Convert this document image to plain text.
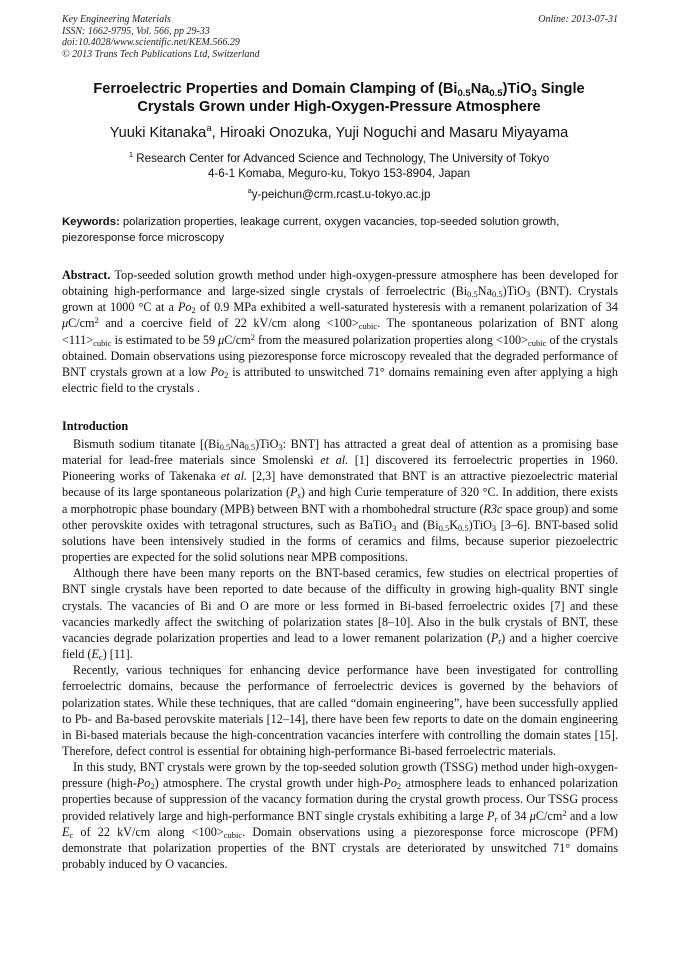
Key Engineering Materials
ISSN: 1662-9795, Vol. 566, pp 29-33
doi:10.4028/www.scientific.net/KEM.566.29
© 2013 Trans Tech Publications Ltd, Switzerland
Online: 2013-07-31
Ferroelectric Properties and Domain Clamping of $(Bi_{0.5}Na_{0.5})TiO_3$ Single
Crystals Grown under High-Oxygen-Pressure Atmosphere
Yuuki Kitanaka$^a$, Hiroaki Onozuka, Yuji Noguchi and Masaru Miyayama
$^1$ Research Center for Advanced Science and Technology, The University of Tokyo
4-6-1 Komaba, Meguro-ku, Tokyo 153-8904, Japan
$^a$y-peichun@crm.rcast.u-tokyo.ac.jp
Keywords: polarization properties, leakage current, oxygen vacancies, top-seeded solution growth, piezoresponse force microscopy
Abstract. Top-seeded solution growth method under high-oxygen-pressure atmosphere has been developed for obtaining high-performance and large-sized single crystals of ferroelectric $(Bi_{0.5}Na_{0.5})TiO_3$ (BNT). Crystals grown at 1000 °C at a $Po_2$ of 0.9 MPa exhibited a well-saturated hysteresis with a remanent polarization of 34 $\mu C/cm^2$ and a coercive field of 22 kV/cm along $<100>_{cubic}$. The spontaneous polarization of BNT along $<111>_{cubic}$ is estimated to be 59 $\mu C/cm^2$ from the measured polarization properties along $<100>_{cubic}$ of the crystals obtained. Domain observations using piezoresponse force microscopy revealed that the degraded performance of BNT crystals grown at a low $Po_2$ is attributed to unswitched 71° domains remaining even after applying a high electric field to the crystals .
Introduction

Bismuth sodium titanate [$(Bi_{0.5}Na_{0.5})TiO_3$: BNT] has attracted a great deal of attention as a promising base material for lead-free materials since Smolenski et al. [1] discovered its ferroelectric properties in 1960. Pioneering works of Takenaka et al. [2,3] have demonstrated that BNT is an attractive piezoelectric material because of its large spontaneous polarization $(P_s)$ and high Curie temperature of 320 °C. In addition, there exists a morphotropic phase boundary (MPB) between BNT with a rhombohedral structure (R3c space group) and some other perovskite oxides with tetragonal structures, such as BaTiO$_3$ and $(Bi_{0.5}K_{0.5})TiO_3$ [3–6]. BNT-based solid solutions have been intensively studied in the forms of ceramics and films, because superior piezoelectric properties are expected for the solid solutions near MPB compositions.

Although there have been many reports on the BNT-based ceramics, few studies on electrical properties of BNT single crystals have been reported to date because of the difficulty in growing high-quality BNT single crystals. The vacancies of Bi and O are more or less formed in Bi-based ferroelectric oxides [7] and these vacancies markedly affect the switching of polarization states [8–10]. Also in the bulk crystals of BNT, these vacancies degrade polarization properties and lead to a lower remanent polarization $(P_r)$ and a higher coercive field $(E_c)$ [11].

Recently, various techniques for enhancing device performance have been investigated for controlling ferroelectric domains, because the performance of ferroelectric devices is governed by the behaviors of polarization states. While these techniques, that are called “domain engineering”, have been successfully applied to Pb- and Ba-based perovskite materials [12–14], there have been few reports to date on the domain engineering in Bi-based materials because the high-concentration vacancies interfere with controlling the domain states [15]. Therefore, defect control is essential for obtaining high-performance Bi-based ferroelectric materials.

In this study, BNT crystals were grown by the top-seeded solution growth (TSSG) method under high-oxygen-pressure $(high-Po_2)$ atmosphere. The crystal growth under high-$Po_2$ atmosphere leads to enhanced polarization properties because of suppression of the vacancy formation during the crystal growth process. Our TSSG process provided relatively large and high-performance BNT single crystals exhibiting a large $P_r$ of 34 $\mu C/cm^2$ and a low $E_c$ of 22 kV/cm along $<100>_{cubic}$. Domain observations using a piezoresponse force microscope (PFM) demonstrate that polarization properties of the BNT crystals are deteriorated by unswitched 71° domains probably induced by O vacancies.
